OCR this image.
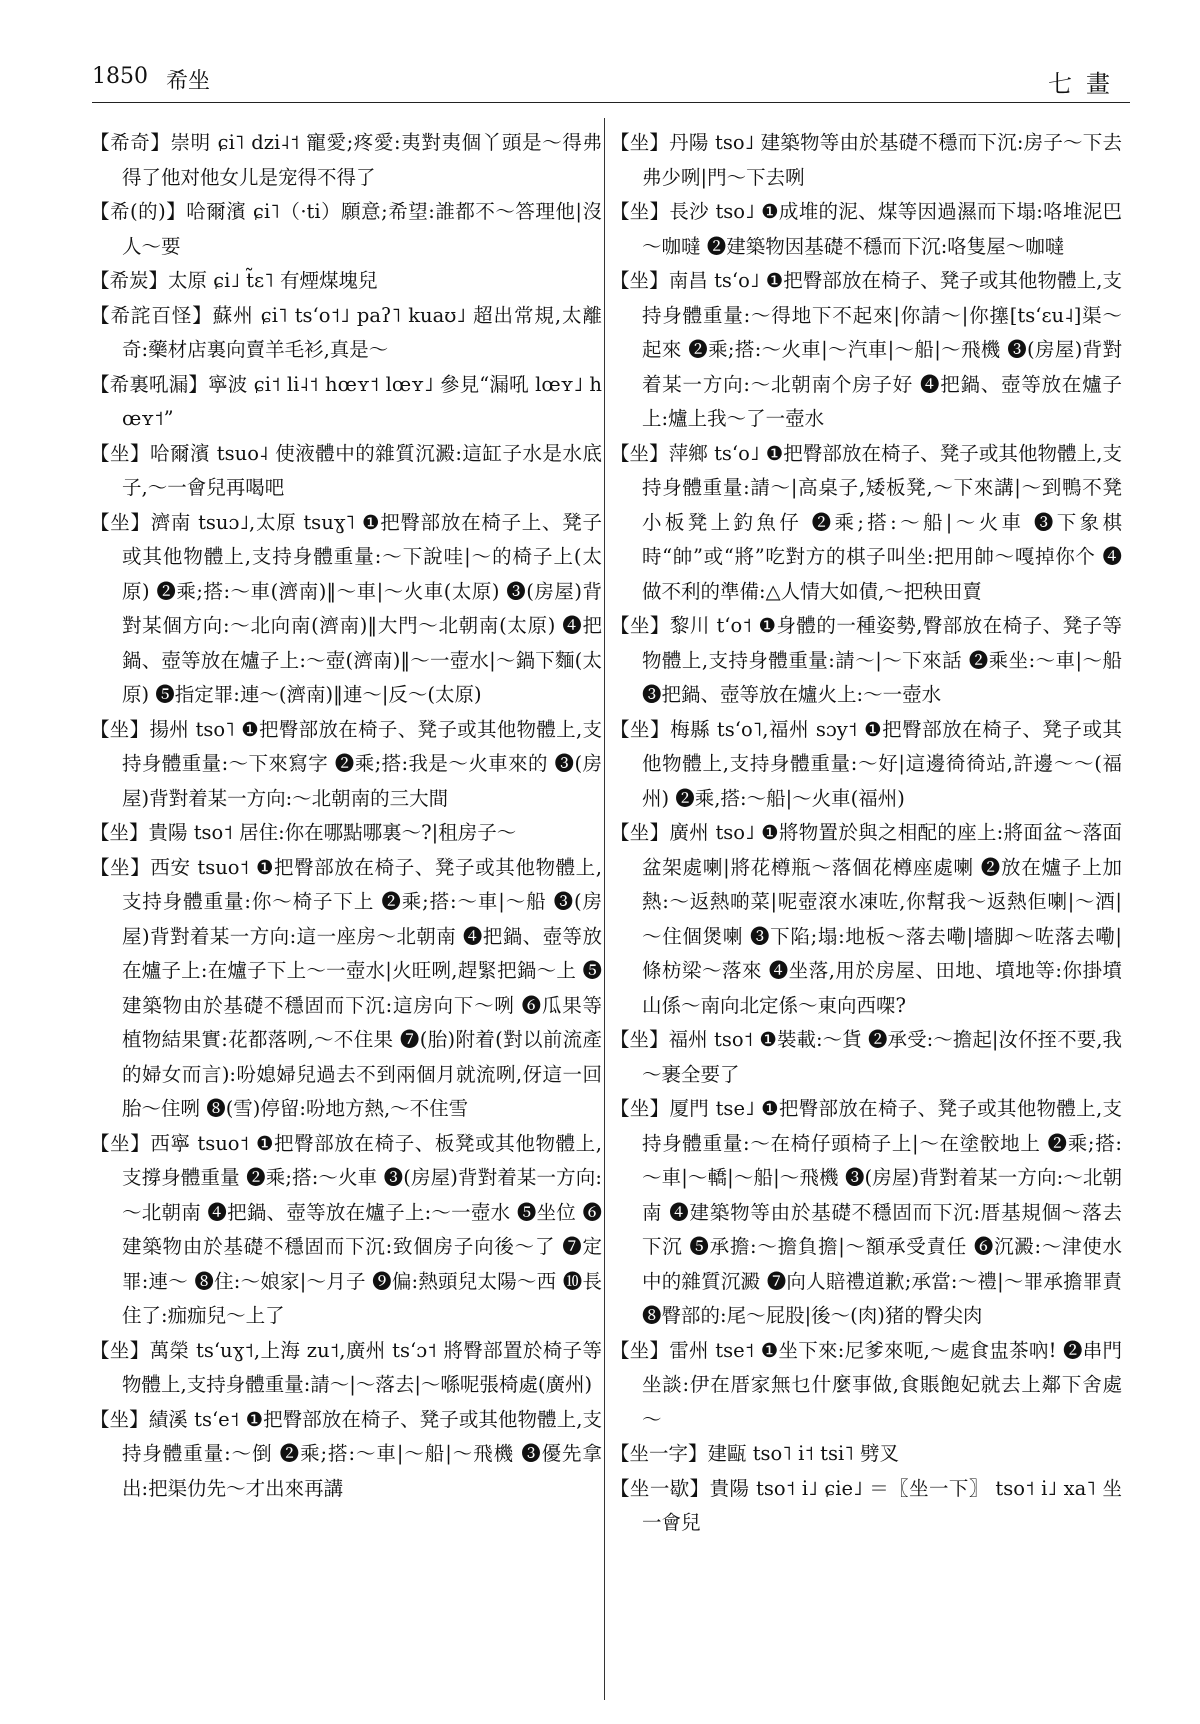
1850 希坐	七畫
【希奇】崇明 ɕi˥ dzi˨˦ 寵愛;疼愛:夷對夷個丫頭是～得弗得了他对他女儿是宠得不得了
【希(的)】哈爾濱 ɕi˥（·ti）願意;希望:誰都不～答理他|沒人～要
【希炭】太原 ɕi˩ t̃ɛ˥ 有煙煤塊兒
【希詫百怪】蘇州 ɕi˥ tsʻo˦˩ paʔ˥ kuaʊ˩ 超出常規,太離奇:藥材店裏向賣羊毛衫,真是～
【希裏吼漏】寧波 ɕi˦ li˨˦ hœʏ˦ lœʏ˩ 參見“漏吼 lœʏ˩ hœʏ˦”
【坐】哈爾濱 tsuo˨ 使液體中的雜質沉澱:這缸子水是水底子,～一會兒再喝吧
【坐】濟南 tsuɔ˩,太原 tsuɣ˥ ❶把臀部放在椅子上、凳子或其他物體上,支持身體重量:～下說哇|～的椅子上(太原) ❷乘;搭:～車(濟南)‖～車|～火車(太原) ❸(房屋)背對某個方向:～北向南(濟南)‖大門～北朝南(太原) ❹把鍋、壺等放在爐子上:～壺(濟南)‖～一壺水|～鍋下麵(太原) ❺指定罪:連～(濟南)‖連～|反～(太原)
【坐】揚州 tso˥ ❶把臀部放在椅子、凳子或其他物體上,支持身體重量:～下來寫字 ❷乘;搭:我是～火車來的 ❸(房屋)背對着某一方向:～北朝南的三大間
【坐】貴陽 tso˦ 居住:你在哪點哪裏～?|租房子～
【坐】西安 tsuo˦ ❶把臀部放在椅子、凳子或其他物體上,支持身體重量:你～椅子下上 ❷乘;搭:～車|～船 ❸(房屋)背對着某一方向:這一座房～北朝南 ❹把鍋、壺等放在爐子上:在爐子下上～一壺水|火旺咧,趕緊把鍋～上 ❺建築物由於基礎不穩固而下沉:這房向下～咧 ❻瓜果等植物結果實:花都落咧,～不住果 ❼(胎)附着(對以前流產的婦女而言):吩媳婦兒過去不到兩個月就流咧,伢這一回胎～住咧 ❽(雪)停留:吩地方熱,～不住雪
【坐】西寧 tsuo˦ ❶把臀部放在椅子、板凳或其他物體上,支撐身體重量 ❷乘;搭:～火車 ❸(房屋)背對着某一方向:～北朝南 ❹把鍋、壺等放在爐子上:～一壺水 ❺坐位 ❻建築物由於基礎不穩固而下沉:致個房子向後～了 ❼定罪:連～ ❽住:～娘家|～月子 ❾偏:熱頭兒太陽～西 ❿長住了:痂痂兒～上了
【坐】萬榮 tsʻuɣ˦,上海 zu˦,廣州 tsʻɔ˦ 將臀部置於椅子等物體上,支持身體重量:請～|～落去|～喺呢張椅處(廣州)
【坐】績溪 tsʻe˦ ❶把臀部放在椅子、凳子或其他物體上,支持身體重量:～倒 ❷乘;搭:～車|～船|～飛機 ❸優先拿出:把渠仂先～才出來再講
【坐】丹陽 tso˩ 建築物等由於基礎不穩而下沉:房子～下去弗少咧|門～下去咧
【坐】長沙 tso˩ ❶成堆的泥、煤等因過濕而下塌:咯堆泥巴～咖噠 ❷建築物因基礎不穩而下沉:咯隻屋～咖噠
【坐】南昌 tsʻo˩ ❶把臀部放在椅子、凳子或其他物體上,支持身體重量:～得地下不起來|你請～|你㩙[tsʻɛu˨]渠～起來 ❷乘;搭:～火車|～汽車|～船|～飛機 ❸(房屋)背對着某一方向:～北朝南个房子好 ❹把鍋、壺等放在爐子上:爐上我～了一壺水
【坐】萍鄉 tsʻo˩ ❶把臀部放在椅子、凳子或其他物體上,支持身體重量:請～|高桌子,矮板凳,～下來講|～到鴨不凳小板凳上釣魚仔 ❷乘;搭:～船|～火車 ❸下象棋時“帥”或“將”吃對方的棋子叫坐:把用帥～嘎掉你个 ❹做不利的準備:△人情大如債,～把秧田賣
【坐】黎川 tʻo˦ ❶身體的一種姿勢,臀部放在椅子、凳子等物體上,支持身體重量:請～|～下來話 ❷乘坐:～車|～船 ❸把鍋、壺等放在爐火上:～一壺水
【坐】梅縣 tsʻo˥,福州 sɔy˦ ❶把臀部放在椅子、凳子或其他物體上,支持身體重量:～好|這邊徛徛站,許邊～～(福州) ❷乘,搭:～船|～火車(福州)
【坐】廣州 tso˩ ❶將物置於與之相配的座上:將面盆～落面盆架處喇|將花樽瓶～落個花樽座處喇 ❷放在爐子上加熱:～返熱啲菜|呢壺滾水凍咗,你幫我～返熱佢喇|～酒|～住個煲喇 ❸下陷;塌:地板～落去嘞|墻脚～咗落去嘞|條枋梁～落來 ❹坐落,用於房屋、田地、墳地等:你掛墳山係～南向北定係～東向西㗎?
【坐】福州 tso˦ ❶裝載:～貨 ❷承受:～擔起|汝伓挃不要,我～裹全要了
【坐】厦門 tse˩ ❶把臀部放在椅子、凳子或其他物體上,支持身體重量:～在椅仔頭椅子上|～在塗骹地上 ❷乘;搭:～車|～轎|～船|～飛機 ❸(房屋)背對着某一方向:～北朝南 ❹建築物等由於基礎不穩固而下沉:厝基規個～落去下沉 ❺承擔:～擔負擔|～額承受責任 ❻沉澱:～津使水中的雜質沉澱 ❼向人賠禮道歉;承當:～禮|～罪承擔罪責 ❽臀部的:尾～屁股|後～(肉)猪的臀尖肉
【坐】雷州 tse˦ ❶坐下來:尼爹來呃,～處食盅茶吶! ❷串門坐談:伊在厝家無乜什麼事做,食賬飽妃就去上鄰下舍處～
【坐一字】建甌 tso˥ i˦ tsi˥ 劈叉
【坐一歇】貴陽 tso˦ i˩ ɕie˩ ＝〖坐一下〗 tso˦ i˩ xa˥ 坐一會兒
